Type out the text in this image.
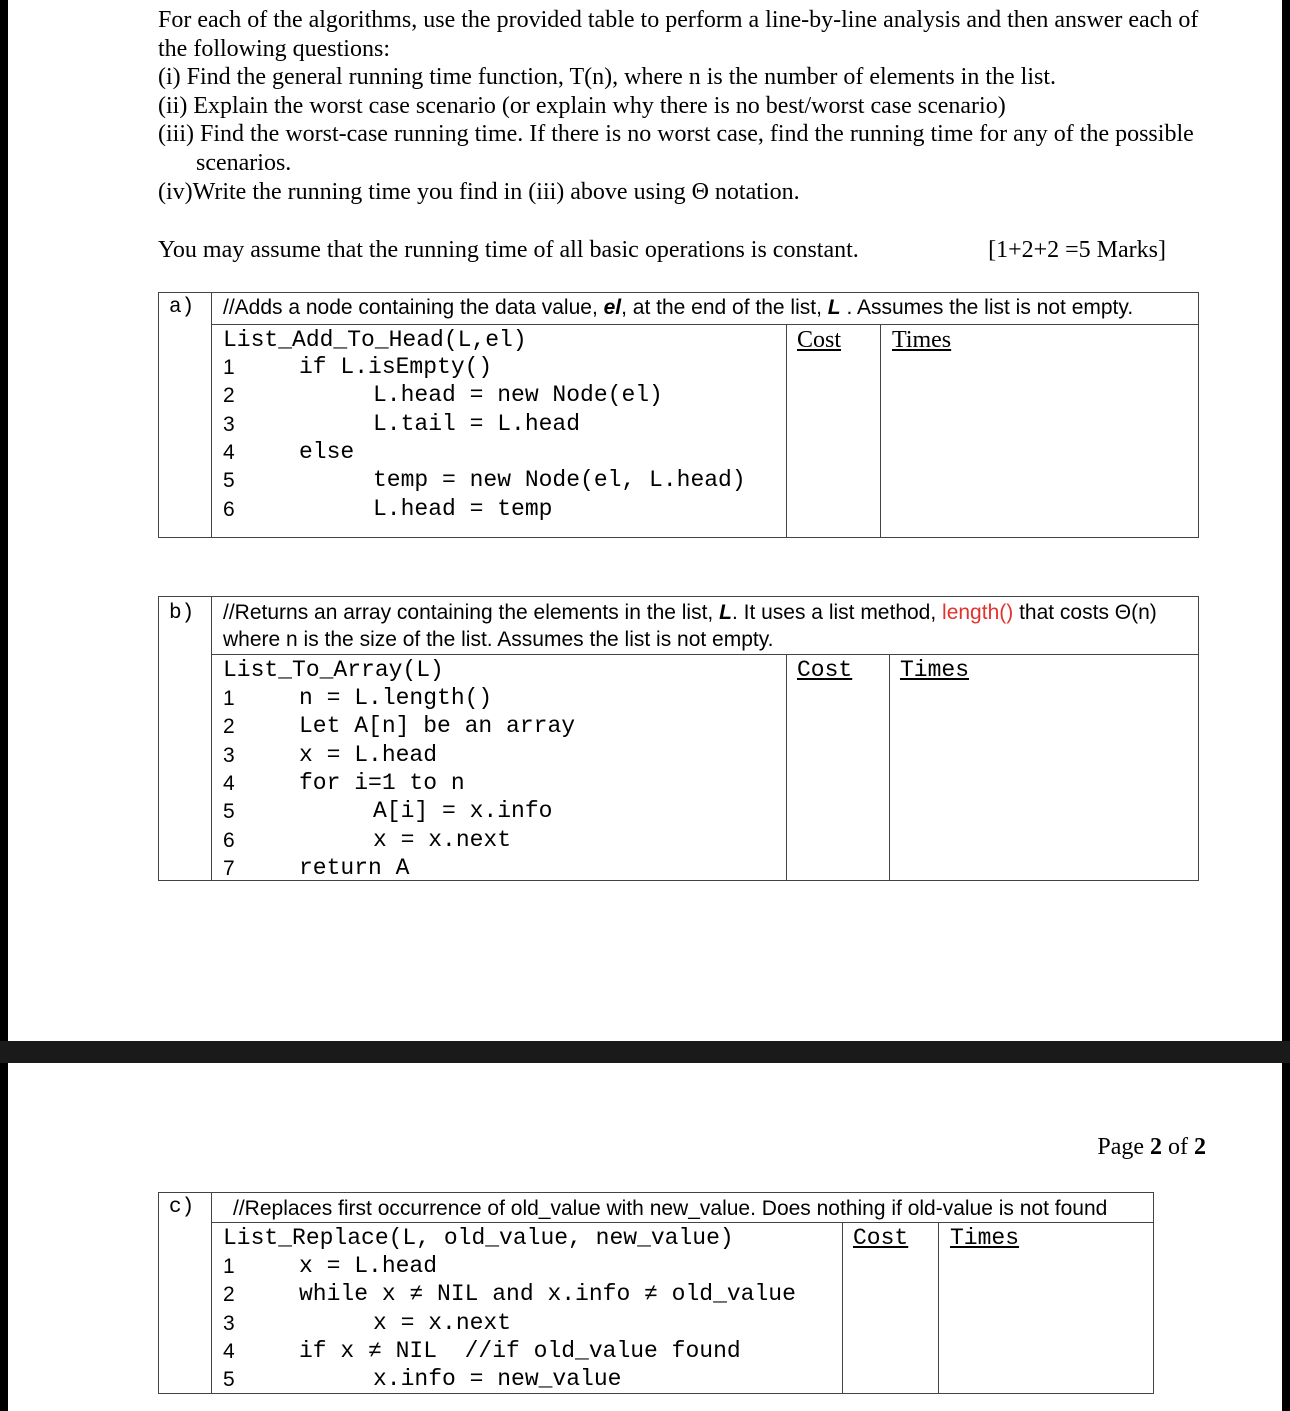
For each of the algorithms, use the provided table to perform a line-by-line analysis and then answer each of the following questions:

(i) Find the general running time function, T(n), where n is the number of elements in the list.

(ii) Explain the worst case scenario (or explain why there is no best/worst case scenario)

(iii) Find the worst-case running time. If there is no worst case, find the running time for any of the possible

scenarios.

(iv)Write the running time you find in (iii) above using Θ notation.

You may assume that the running time of all basic operations is constant.	[1+2+2 =5 Marks]

a) //Adds a node containing the data value, el, at the end of the list, L . Assumes the list is not empty.
List_Add_To_Head(L,el)	Cost Times
1	if L.isEmpty()
2	L.head = new Node(el)
3	L.tail = L.head
4	else
5	temp = new Node(el, L.head)
6	L.head = temp
b) //Returns an array containing the elements in the list, L. It uses a list method, length() that costs Θ(n)
where n is the size of the list. Assumes the list is not empty.
List_To_Array(L)	Cost Times
1	n = L.length()
2	Let A[n] be an array
3	x = L.head
4	for i=1 to n
5	A[i] = x.info
6	x = x.next
7	return A
Page 2 of 2
c) //Replaces first occurrence of old_value with new_value. Does nothing if old-value is not found
List_Replace(L, old_value, new_value)	Cost Times
1	x = L.head
2	while x ≠ NIL and x.info ≠ old_value
3	x = x.next
4	if x ≠ NIL  //if old_value found
5	x.info = new_value
